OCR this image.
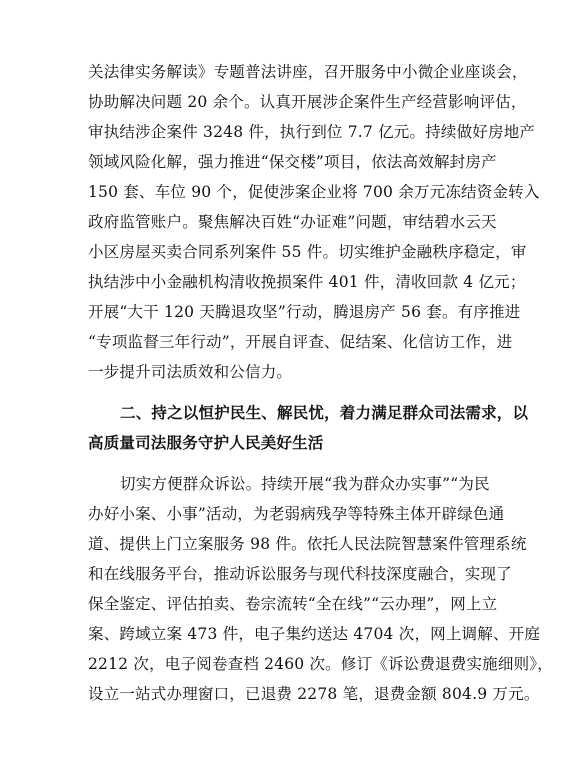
关法律实务解读》专题普法讲座，召开服务中小微企业座谈会，
协助解决问题 20 余个。认真开展涉企案件生产经营影响评估，
审执结涉企案件 3248 件，执行到位 7.7 亿元。持续做好房地产
领域风险化解，强力推进“保交楼”项目，依法高效解封房产
150 套、车位 90 个，促使涉案企业将 700 余万元冻结资金转入
政府监管账户。聚焦解决百姓“办证难”问题，审结碧水云天
小区房屋买卖合同系列案件 55 件。切实维护金融秩序稳定，审
执结涉中小金融机构清收挽损案件 401 件，清收回款 4 亿元；
开展“大干 120 天腾退攻坚”行动，腾退房产 56 套。有序推进
“专项监督三年行动”，开展自评查、促结案、化信访工作，进
一步提升司法质效和公信力。
二、持之以恒护民生、解民忧，着力满足群众司法需求，以
高质量司法服务守护人民美好生活
切实方便群众诉讼。持续开展“我为群众办实事”“为民
办好小案、小事”活动，为老弱病残孕等特殊主体开辟绿色通
道、提供上门立案服务 98 件。依托人民法院智慧案件管理系统
和在线服务平台，推动诉讼服务与现代科技深度融合，实现了
保全鉴定、评估拍卖、卷宗流转“全在线”“云办理”，网上立
案、跨域立案 473 件，电子集约送达 4704 次，网上调解、开庭
2212 次，电子阅卷查档 2460 次。修订《诉讼费退费实施细则》，
设立一站式办理窗口，已退费 2278 笔，退费金额 804.9 万元。
